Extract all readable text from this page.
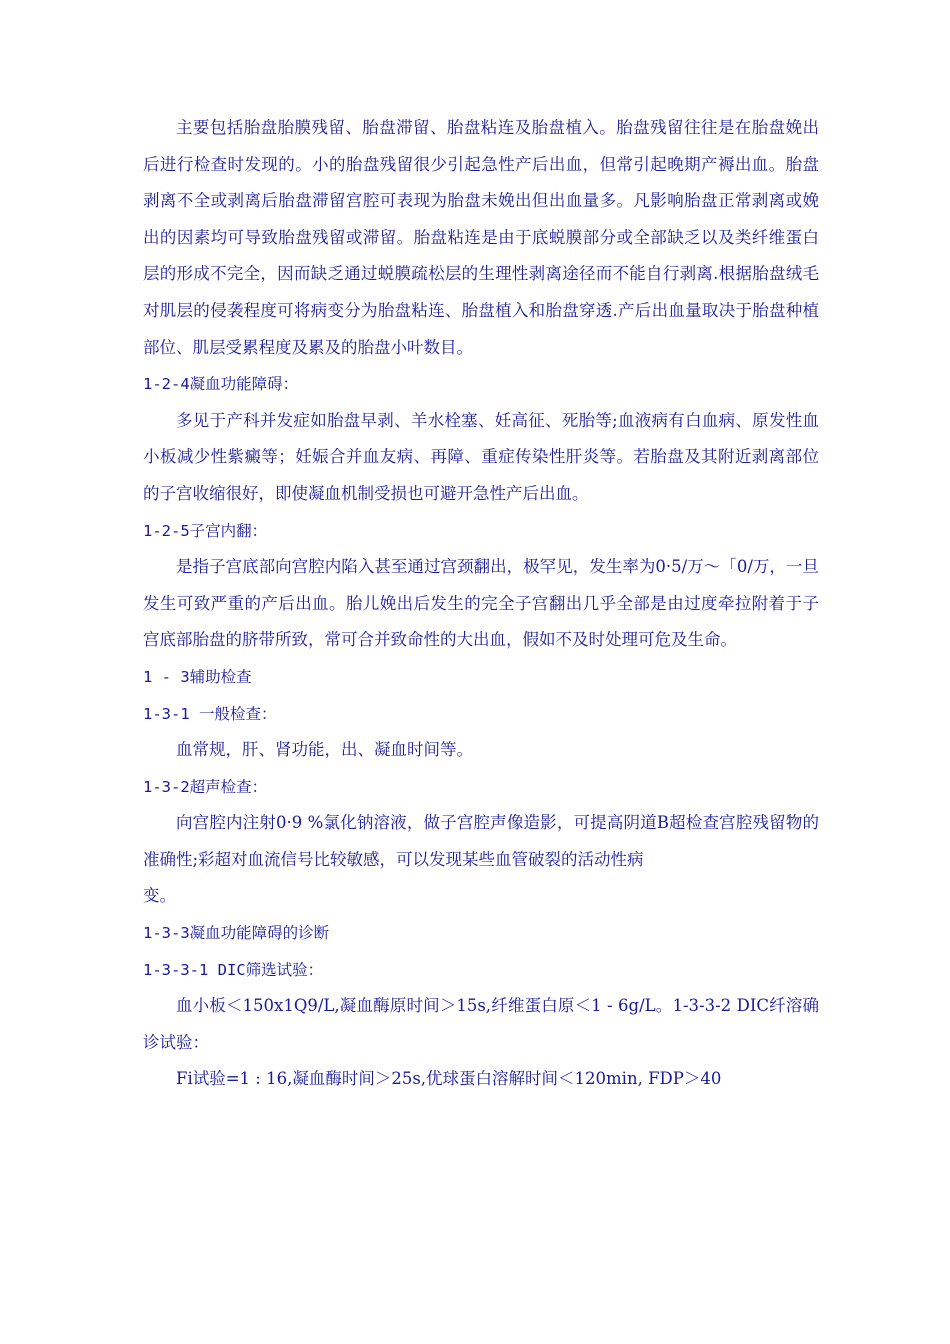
主要包括胎盘胎膜残留、胎盘滞留、胎盘粘连及胎盘植入。胎盘残留往往是在胎盘娩出后进行检查时发现的。小的胎盘残留很少引起急性产后出血，但常引起晚期产褥出血。胎盘剥离不全或剥离后胎盘滞留宫腔可表现为胎盘未娩出但出血量多。凡影响胎盘正常剥离或娩出的因素均可导致胎盘残留或滞留。胎盘粘连是由于底蜕膜部分或全部缺乏以及类纤维蛋白层的形成不完全，因而缺乏通过蜕膜疏松层的生理性剥离途径而不能自行剥离.根据胎盘绒毛对肌层的侵袭程度可将病变分为胎盘粘连、胎盘植入和胎盘穿透.产后出血量取决于胎盘种植部位、肌层受累程度及累及的胎盘小叶数目。

1-2-4凝血功能障碍：

多见于产科并发症如胎盘早剥、羊水栓塞、妊高征、死胎等;血液病有白血病、原发性血小板减少性紫癜等；妊娠合并血友病、再障、重症传染性肝炎等。若胎盘及其附近剥离部位的子宫收缩很好，即使凝血机制受损也可避开急性产后出血。

1-2-5子宫内翻：

是指子宫底部向宫腔内陷入甚至通过宫颈翻出，极罕见，发生率为0·5/万〜「0/万，一旦发生可致严重的产后出血。胎儿娩出后发生的完全子宫翻出几乎全部是由过度牵拉附着于子宫底部胎盘的脐带所致，常可合并致命性的大出血，假如不及时处理可危及生命。

1 - 3辅助检查

1-3-1 一般检查：

血常规，肝、肾功能，出、凝血时间等。

1-3-2超声检查：

向宫腔内注射0·9 %氯化钠溶液，做子宫腔声像造影，可提高阴道B超检查宫腔残留物的准确性;彩超对血流信号比较敏感，可以发现某些血管破裂的活动性病

变。

1-3-3凝血功能障碍的诊断

1-3-3-1 DIC筛选试验：

血小板＜150x1Q9/L,凝血酶原时间＞15s,纤维蛋白原＜1 - 6g/L。1-3-3-2 DIC纤溶确诊试验：

Fi试验=1 : 16,凝血酶时间＞25s,优球蛋白溶解时间＜120min, FDP＞40
